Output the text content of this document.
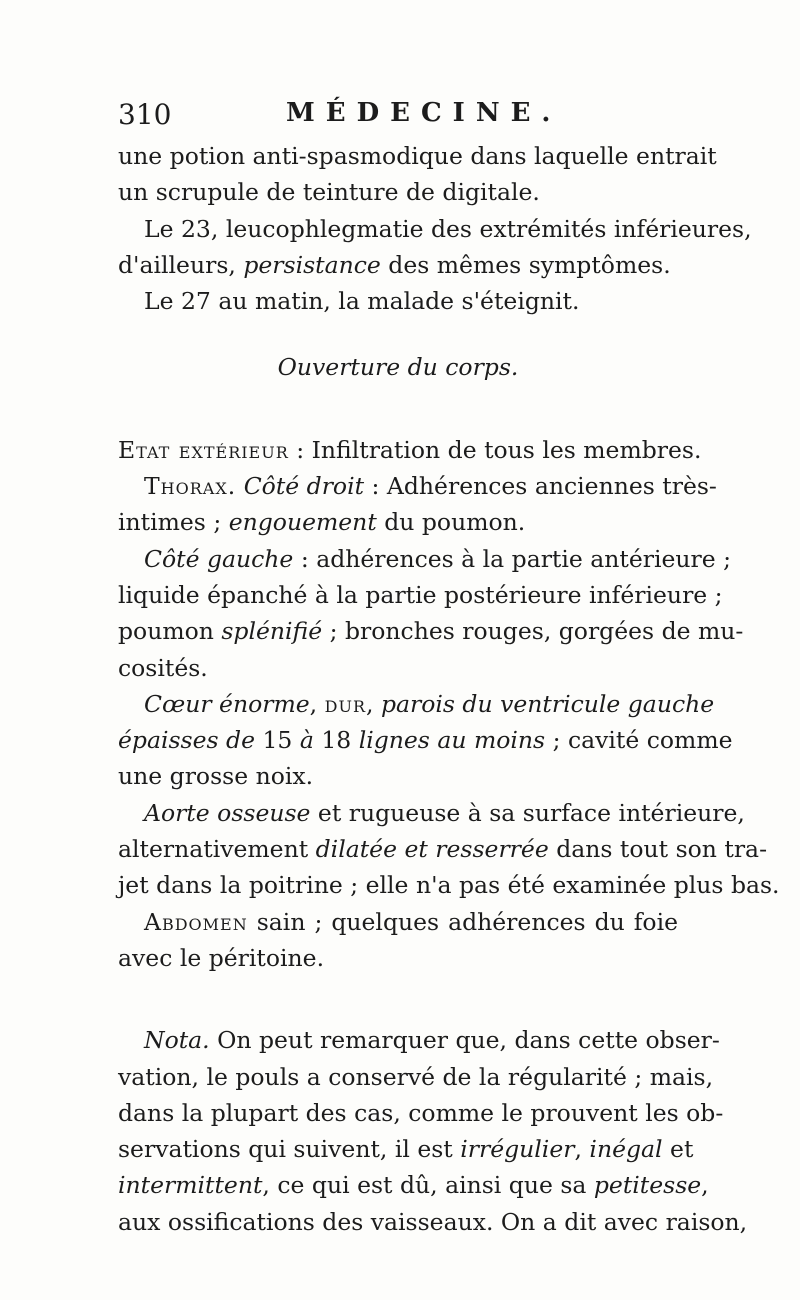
310	MÉDECINE.
une potion anti-spasmodique dans laquelle entrait
un scrupule de teinture de digitale.
Le 23, leucophlegmatie des extrémités inférieures,
d'ailleurs, persistance des mêmes symptômes.
Le 27 au matin, la malade s'éteignit.
Ouverture du corps.
Etat extérieur : Infiltration de tous les membres.
Thorax. Côté droit : Adhérences anciennes très-
intimes ; engouement du poumon.
Côté gauche : adhérences à la partie antérieure ;
liquide épanché à la partie postérieure inférieure ;
poumon splénifié ; bronches rouges, gorgées de mu-
cosités.
Cœur énorme, dur, parois du ventricule gauche
épaisses de 15 à 18 lignes au moins ; cavité comme
une grosse noix.
Aorte osseuse et rugueuse à sa surface intérieure,
alternativement dilatée et resserrée dans tout son tra-
jet dans la poitrine ; elle n'a pas été examinée plus bas.
Abdomen sain ; quelques adhérences du foie
avec le péritoine.
Nota. On peut remarquer que, dans cette obser-
vation, le pouls a conservé de la régularité ; mais,
dans la plupart des cas, comme le prouvent les ob-
servations qui suivent, il est irrégulier, inégal et
intermittent, ce qui est dû, ainsi que sa petitesse,
aux ossifications des vaisseaux. On a dit avec raison,
